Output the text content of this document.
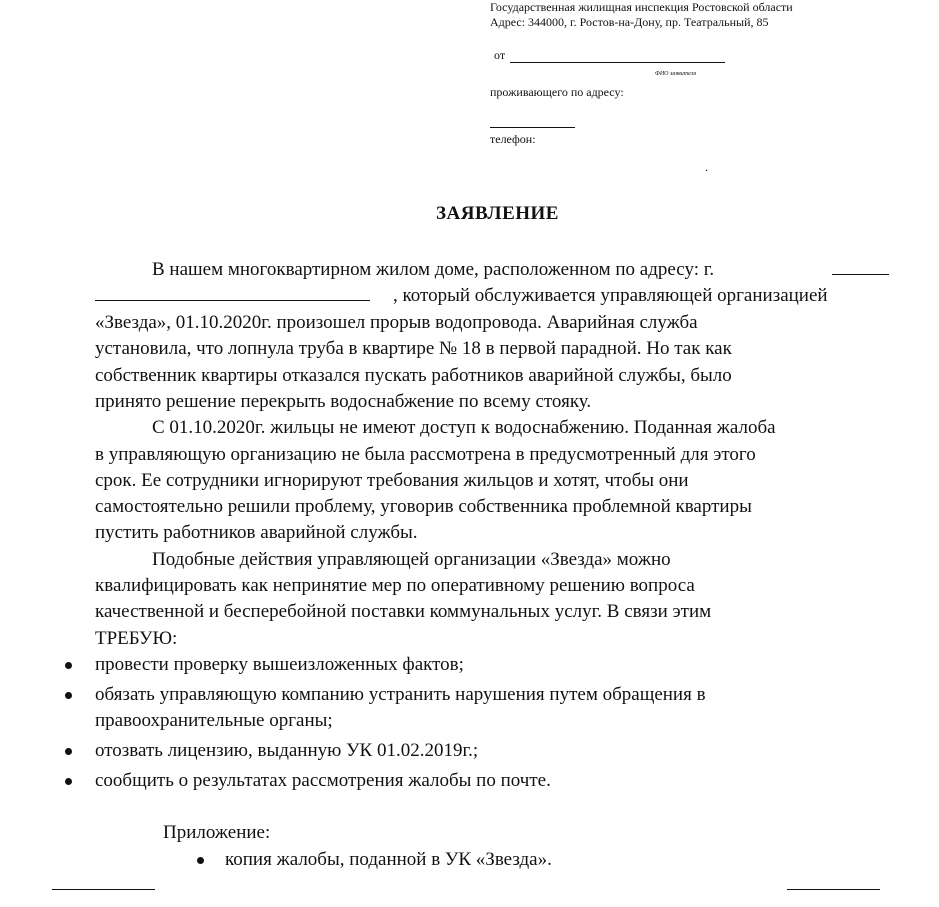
Государственная жилищная инспекция Ростовской области
Адрес: 344000, г. Ростов-на-Дону, пр. Театральный, 85
от
ФИО заявителя
проживающего по адресу:
телефон:
.
ЗАЯВЛЕНИЕ
В нашем многоквартирном жилом доме, расположенном по адресу: г.
, который обслуживается управляющей организацией
«Звезда», 01.10.2020г. произошел прорыв водопровода. Аварийная служба
установила, что лопнула труба в квартире № 18 в первой парадной. Но так как
собственник квартиры отказался пускать работников аварийной службы, было
принято решение перекрыть водоснабжение по всему стояку.
С 01.10.2020г. жильцы не имеют доступ к водоснабжению. Поданная жалоба
в управляющую организацию не была рассмотрена в предусмотренный для этого
срок. Ее сотрудники игнорируют требования жильцов и хотят, чтобы они
самостоятельно решили проблему, уговорив собственника проблемной квартиры
пустить работников аварийной службы.
Подобные действия управляющей организации «Звезда» можно
квалифицировать как непринятие мер по оперативному решению вопроса
качественной и бесперебойной поставки коммунальных услуг. В связи этим
ТРЕБУЮ:
провести проверку вышеизложенных фактов;
обязать управляющую компанию устранить нарушения путем обращения в
правоохранительные органы;
отозвать лицензию, выданную УК 01.02.2019г.;
сообщить о результатах рассмотрения жалобы по почте.
Приложение:
копия жалобы, поданной в УК «Звезда».
